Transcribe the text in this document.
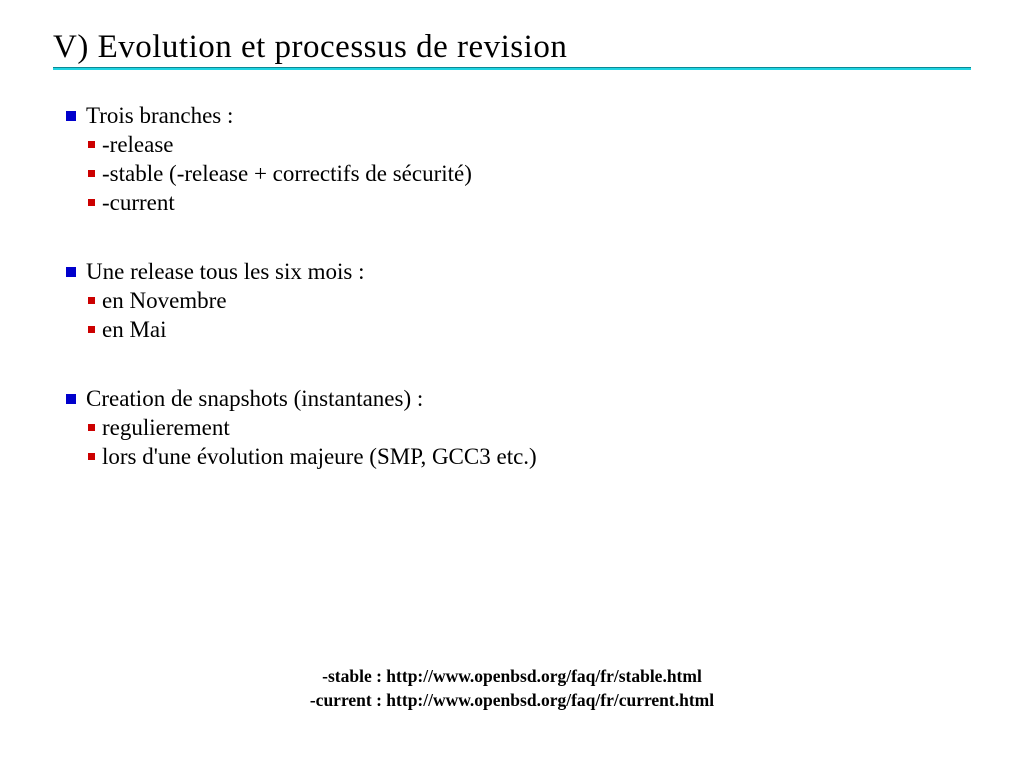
V) Evolution et processus de revision
Trois branches :
-release
-stable (-release + correctifs de sécurité)
-current
Une release tous les six mois :
en Novembre
en Mai
Creation de snapshots (instantanes) :
regulierement
lors d'une évolution majeure (SMP, GCC3 etc.)
-stable : http://www.openbsd.org/faq/fr/stable.html
-current : http://www.openbsd.org/faq/fr/current.html
